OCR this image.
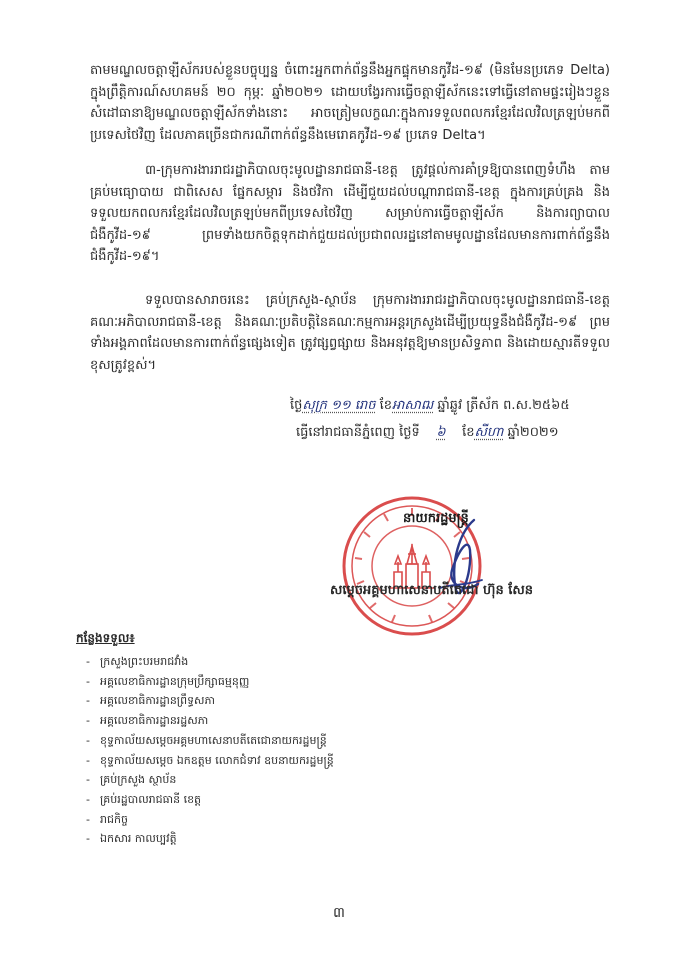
តាមមណ្ឌលចត្តាឡីស័ករបស់ខ្លួនបច្ចុប្បន្ន ចំពោះអ្នកពាក់ព័ន្ធនឹងអ្នកផ្ទុកមានកូវីដ-១៩ (មិនមែនប្រភេទ Delta) ក្នុងព្រឹត្តិការណ៍សហគមន៍ ២០ កុម្ភៈ ឆ្នាំ២០២១ ដោយបង្វែរការធ្វើចត្តាឡីស័កនេះទៅធ្វើនៅតាមផ្ទះរៀងៗខ្លួន សំដៅធានាឱ្យមណ្ឌលចត្តាឡីស័កទាំងនោះ អាចត្រៀមលក្ខណៈក្នុងការទទួលពលករខ្មែរដែលវិលត្រឡប់មកពីប្រទេសថៃវិញ ដែលភាគច្រើនជាករណីពាក់ព័ន្ធនឹងមេរោគកូវីដ-១៩ ប្រភេទ Delta។

៣-ក្រុមការងាររាជរដ្ឋាភិបាលចុះមូលដ្ឋានរាជធានី-ខេត្ត ត្រូវផ្តល់ការគាំទ្រឱ្យបានពេញទំហឹង តាមគ្រប់មធ្យោបាយ ជាពិសេស ផ្នែកសម្ភារ និងថវិកា ដើម្បីជួយដល់បណ្តារាជធានី-ខេត្ត ក្នុងការគ្រប់គ្រង និងទទួលយកពលករខ្មែរដែលវិលត្រឡប់មកពីប្រទេសថៃវិញ សម្រាប់ការធ្វើចត្តាឡីស័ក និងការព្យាបាលជំងឺកូវីដ-១៩ ព្រមទាំងយកចិត្តទុកដាក់ជួយដល់ប្រជាពលរដ្ឋនៅតាមមូលដ្ឋានដែលមានការពាក់ព័ន្ធនឹងជំងឺកូវីដ-១៩។

ទទួលបានសារាចរនេះ គ្រប់ក្រសួង-ស្ថាប័ន ក្រុមការងាររាជរដ្ឋាភិបាលចុះមូលដ្ឋានរាជធានី-ខេត្ត គណៈអភិបាលរាជធានី-ខេត្ត និងគណៈប្រតិបត្តិនៃគណៈកម្មការអន្តរក្រសួងដើម្បីប្រយុទ្ធនឹងជំងឺកូវីដ-១៩ ព្រមទាំងអង្គភាពដែលមានការពាក់ព័ន្ធផ្សេងទៀត ត្រូវផ្សព្វផ្សាយ និងអនុវត្តឱ្យមានប្រសិទ្ធភាព និងដោយស្មារតីទទួលខុសត្រូវខ្ពស់។

ថ្ងៃសុក្រ ១១ រោច ខែអាសាឍ ឆ្នាំឆ្លូវ ត្រីស័ក ព.ស.២៥៦៥
ធ្វើនៅរាជធានីភ្នំពេញ ថ្ងៃទី ៦ ខែសីហា ឆ្នាំ២០២១
នាយករដ្ឋមន្ត្រី
សម្តេចអគ្គមហាសេនាបតីតេជោ ហ៊ុន សែន
កន្លែងទទួល៖
- ក្រសួងព្រះបរមរាជវាំង
- អគ្គលេខាធិការដ្ឋានក្រុមប្រឹក្សាធម្មនុញ្ញ
- អគ្គលេខាធិការដ្ឋានព្រឹទ្ធសភា
- អគ្គលេខាធិការដ្ឋានរដ្ឋសភា
- ខុទ្ទកាល័យសម្តេចអគ្គមហាសេនាបតីតេជោនាយករដ្ឋមន្ត្រី
- ខុទ្ទកាល័យសម្តេច ឯកឧត្តម លោកជំទាវ ឧបនាយករដ្ឋមន្ត្រី
- គ្រប់ក្រសួង ស្ថាប័ន
- គ្រប់រដ្ឋបាលរាជធានី ខេត្ត
- រាជកិច្ច
- ឯកសារ កាលប្បវត្តិ
៣
